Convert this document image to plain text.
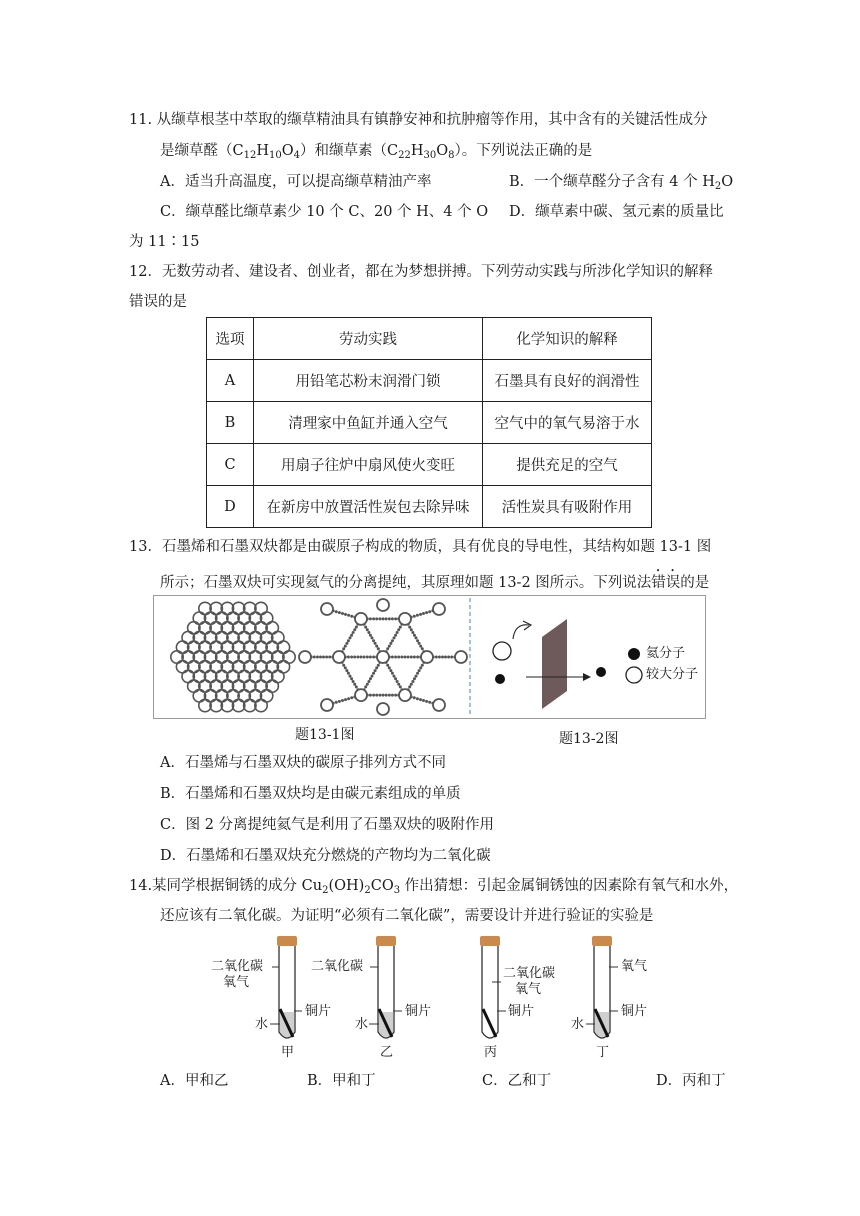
11. 从缬草根茎中萃取的缬草精油具有镇静安神和抗肿瘤等作用，其中含有的关键活性成分
是缬草醛$(C_{12}H_{10}O_4)$和缬草素$(C_{22}H_{30}O_8)$。下列说法正确的是
A．适当升高温度，可以提高缬草精油产率	B．一个缬草醛分子含有 4 个 $H_2O$
C．缬草醛比缬草素少 10 个 C、20 个 H、4 个 O D．缬草素中碳、氢元素的质量比
为 11∶15
12．无数劳动者、建设者、创业者，都在为梦想拼搏。下列劳动实践与所涉化学知识的解释
错误的是
选项	劳动实践	化学知识的解释
A	用铅笔芯粉末润滑门锁	石墨具有良好的润滑性
B	清理家中鱼缸并通入空气	空气中的氧气易溶于水
C	用扇子往炉中扇风使火变旺	提供充足的空气
D	在新房中放置活性炭包去除异味	活性炭具有吸附作用
13．石墨烯和石墨双炔都是由碳原子构成的物质，具有优良的导电性，其结构如题 13-1 图
所示；石墨双炔可实现氦气的分离提纯，其原理如题 13-2 图所示。下列说法错误的是
氦分子
较大分子
题13-1图	题13-2图
A．石墨烯与石墨双炔的碳原子排列方式不同
B．石墨烯和石墨双炔均是由碳元素组成的单质
C．图 2 分离提纯氦气是利用了石墨双炔的吸附作用
D．石墨烯和石墨双炔充分燃烧的产物均为二氧化碳
14.某同学根据铜锈的成分 $Cu_2(OH)_2CO_3$ 作出猜想：引起金属铜锈蚀的因素除有氧气和水外，
还应该有二氧化碳。为证明“必须有二氧化碳”，需要设计并进行验证的实验是
二氧化碳
氧气
铜片
水
甲
二氧化碳
铜片
水
乙
二氧化碳
氧气
铜片
丙
氧气
铜片
水
丁
A．甲和乙	B．甲和丁	C．乙和丁	D．丙和丁
